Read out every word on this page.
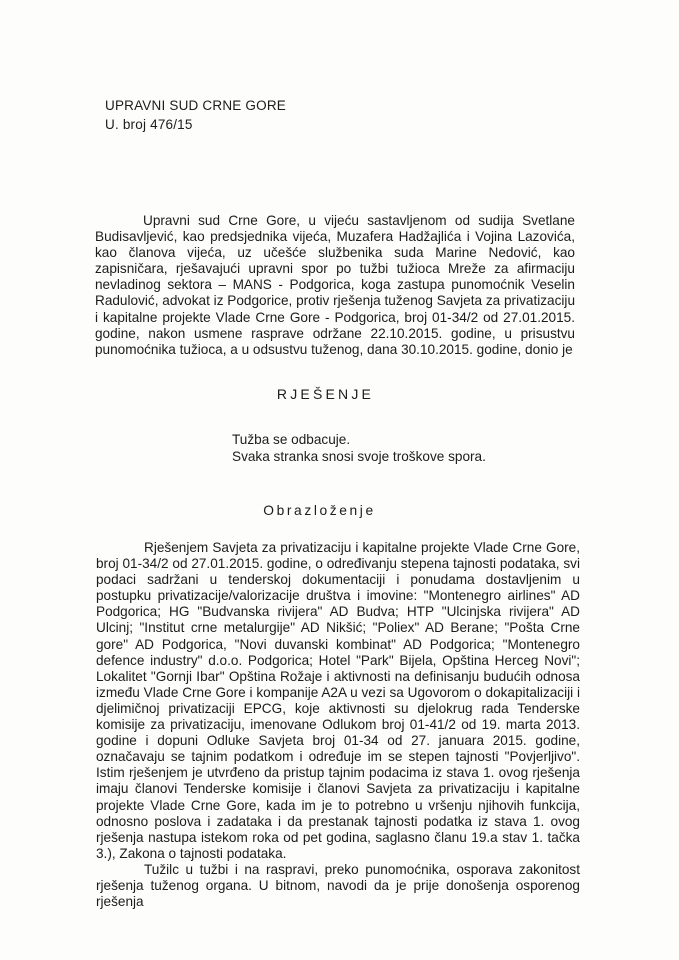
UPRAVNI SUD CRNE GORE
U. broj 476/15
Upravni sud Crne Gore, u vijeću sastavljenom od sudija Svetlane Budisavljević, kao predsjednika vijeća, Muzafera Hadžajlića i Vojina Lazovića, kao članova vijeća, uz učešće službenika suda Marine Nedović, kao zapisničara, rješavajući upravni spor po tužbi tužioca Mreže za afirmaciju nevladinog sektora – MANS - Podgorica, koga zastupa punomoćnik Veselin Radulović, advokat iz Podgorice, protiv rješenja tuženog Savjeta za privatizaciju i kapitalne projekte Vlade Crne Gore - Podgorica, broj 01-34/2 od 27.01.2015. godine, nakon usmene rasprave održane 22.10.2015. godine, u prisustvu punomoćnika tužioca, a u odsustvu tuženog, dana 30.10.2015. godine, donio je
RJEŠENJE
Tužba se odbacuje.
Svaka stranka snosi svoje troškove spora.
Obrazloženje

Rješenjem Savjeta za privatizaciju i kapitalne projekte Vlade Crne Gore, broj 01-34/2 od 27.01.2015. godine, o određivanju stepena tajnosti podataka, svi podaci sadržani u tenderskoj dokumentaciji i ponudama dostavljenim u postupku privatizacije/valorizacije društva i imovine: "Montenegro airlines" AD Podgorica; HG "Budvanska rivijera" AD Budva; HTP "Ulcinjska rivijera" AD Ulcinj; "Institut crne metalurgije" AD Nikšić; "Poliex" AD Berane; "Pošta Crne gore" AD Podgorica, "Novi duvanski kombinat" AD Podgorica; "Montenegro defence industry" d.o.o. Podgorica; Hotel "Park" Bijela, Opština Herceg Novi"; Lokalitet "Gornji Ibar" Opština Rožaje i aktivnosti na definisanju budućih odnosa između Vlade Crne Gore i kompanije A2A u vezi sa Ugovorom o dokapitalizaciji i djelimičnoj privatizaciji EPCG, koje aktivnosti su djelokrug rada Tenderske komisije za privatizaciju, imenovane Odlukom broj 01-41/2 od 19. marta 2013. godine i dopuni Odluke Savjeta broj 01-34 od 27. januara 2015. godine, označavaju se tajnim podatkom i određuje im se stepen tajnosti "Povjerljivo". Istim rješenjem je utvrđeno da pristup tajnim podacima iz stava 1. ovog rješenja imaju članovi Tenderske komisije i članovi Savjeta za privatizaciju i kapitalne projekte Vlade Crne Gore, kada im je to potrebno u vršenju njihovih funkcija, odnosno poslova i zadataka i da prestanak tajnosti podatka iz stava 1. ovog rješenja nastupa istekom roka od pet godina, saglasno članu 19.a stav 1. tačka 3.), Zakona o tajnosti podataka.

Tužilc u tužbi i na raspravi, preko punomoćnika, osporava zakonitost rješenja tuženog organa. U bitnom, navodi da je prije donošenja osporenog rješenja
